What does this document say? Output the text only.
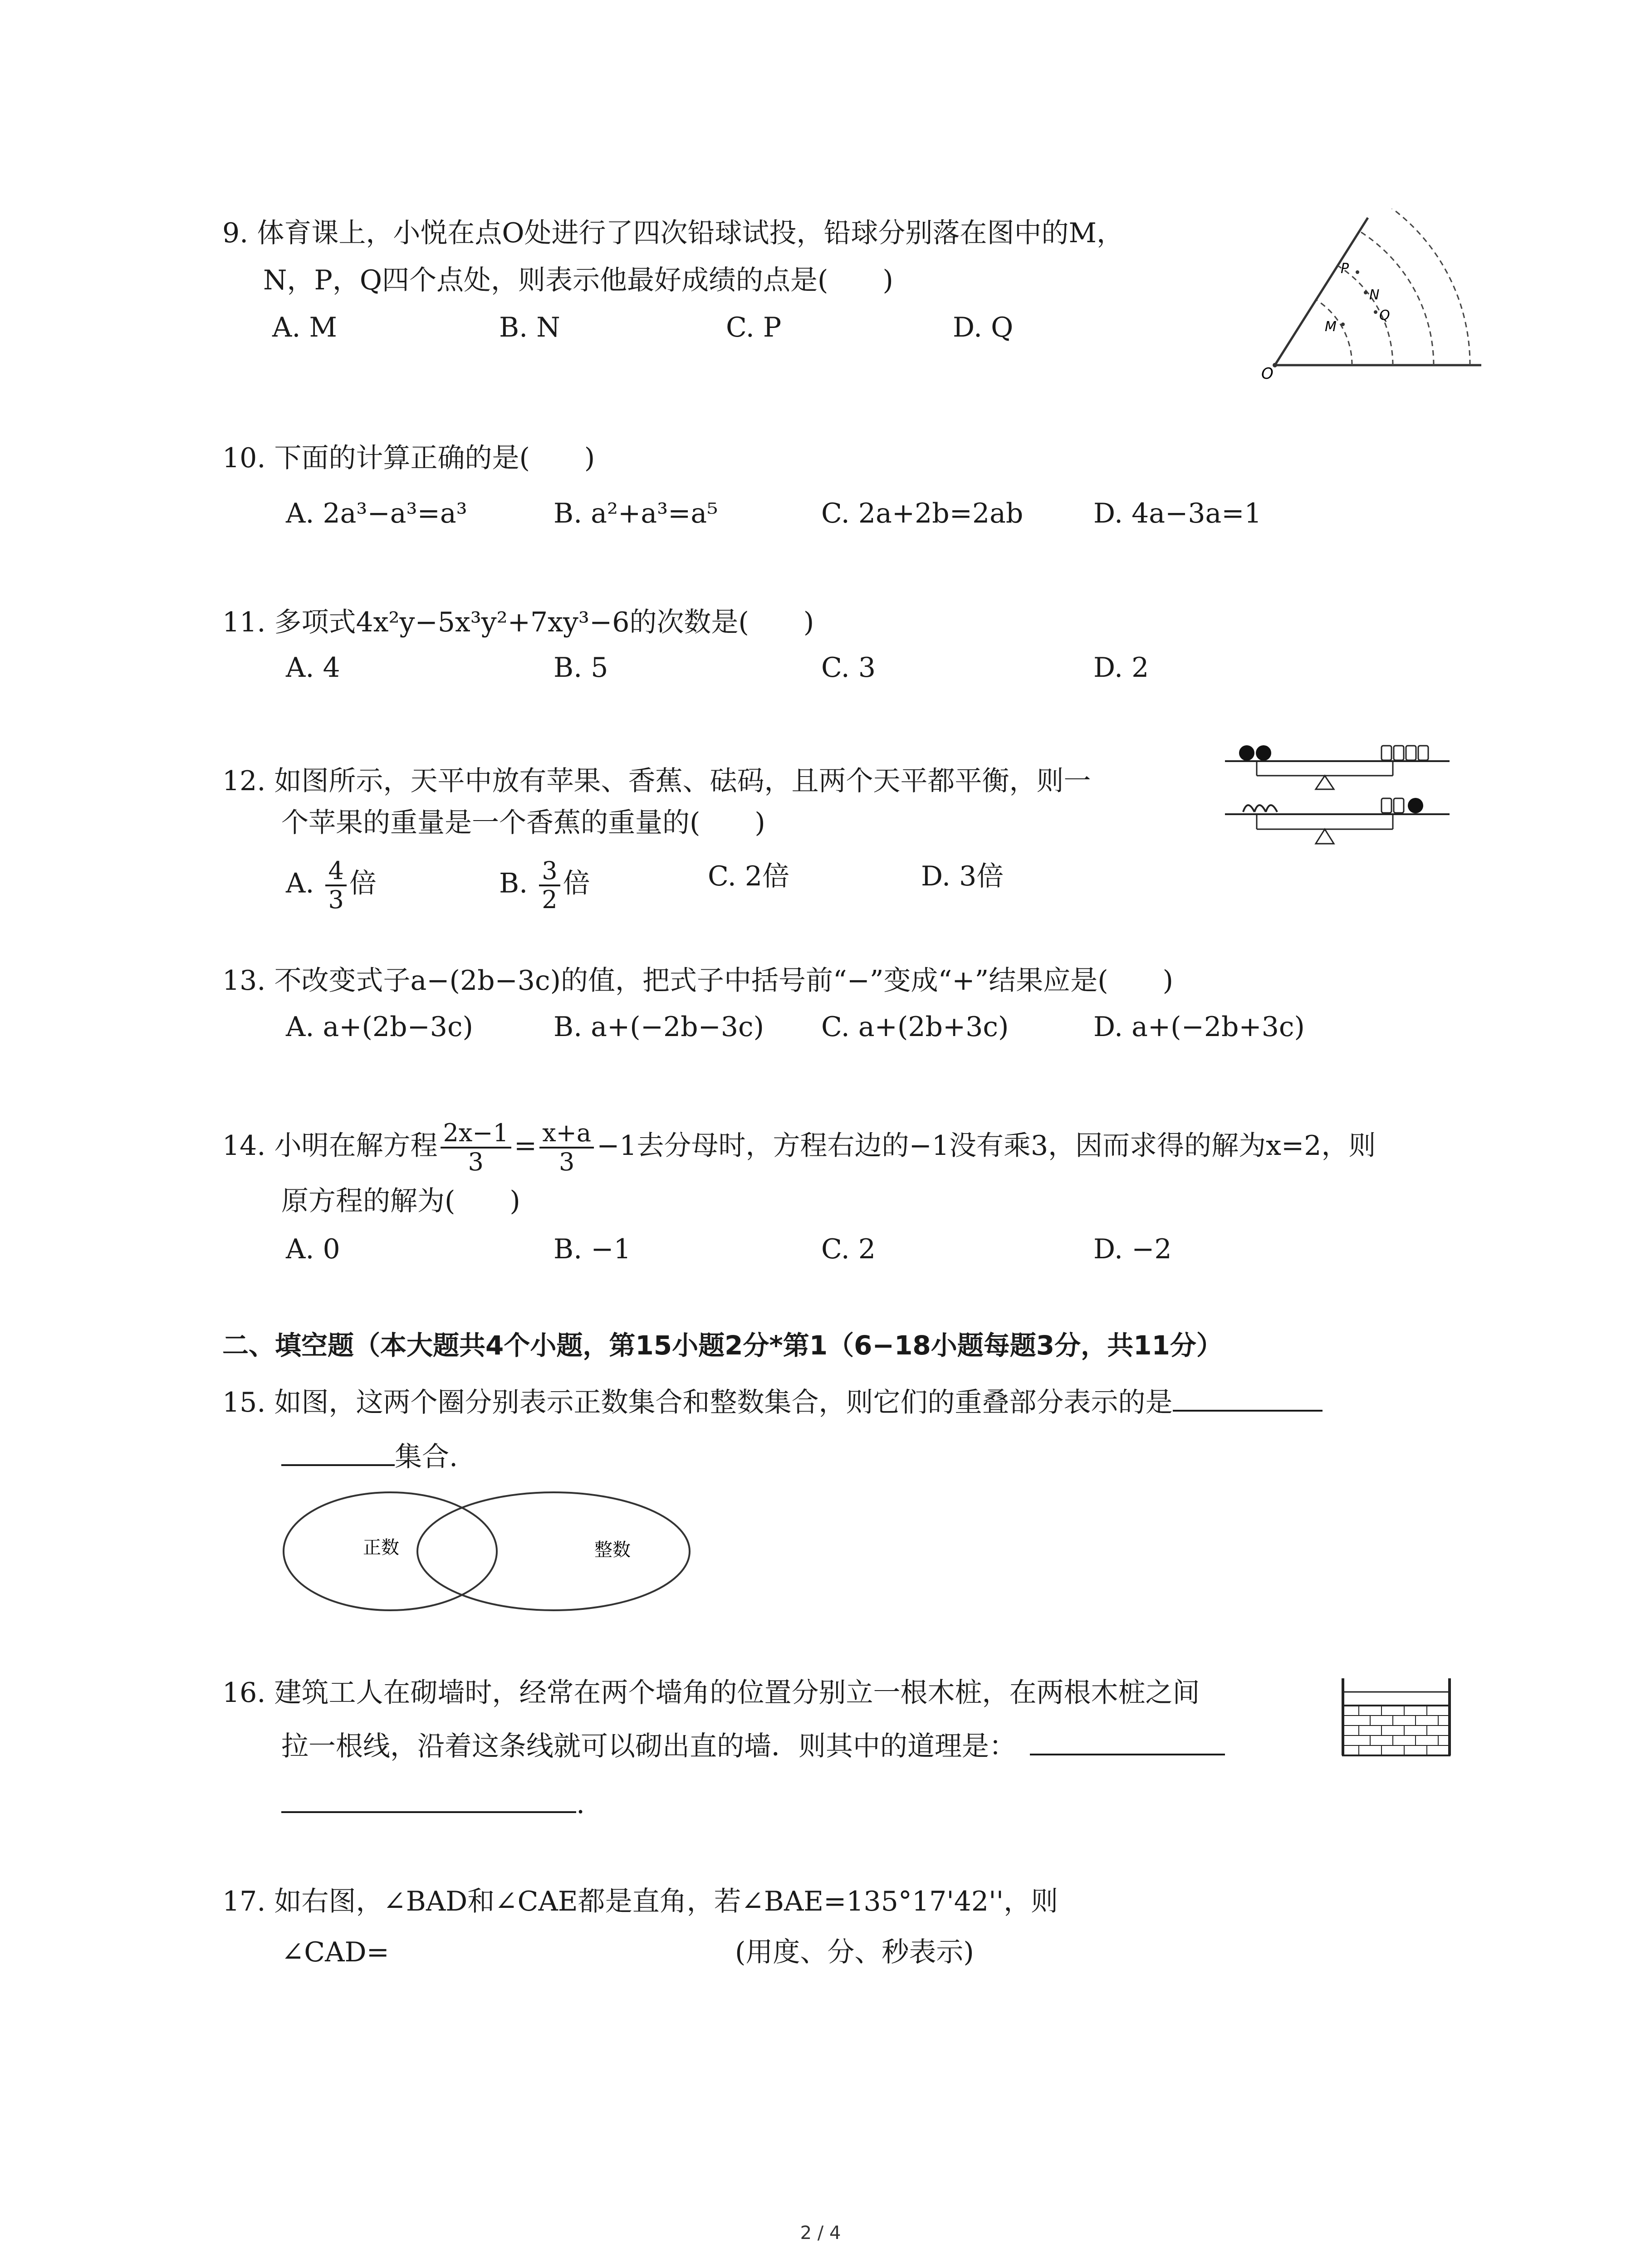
9. 体育课上，小悦在点O处进行了四次铅球试投，铅球分别落在图中的M，
N，P，Q四个点处，则表示他最好成绩的点是(　　)
A. M	B. N	C. P	D. Q
O
M
N
P
Q
10. 下面的计算正确的是(　　)
A. 2a³−a³=a³	B. a²+a³=a⁵	C. 2a+2b=2ab	D. 4a−3a=1
11. 多项式4x²y−5x³y²+7xy³−6的次数是(　　)
A. 4	B. 5	C. 3	D. 2
12. 如图所示，天平中放有苹果、香蕉、砝码，且两个天平都平衡，则一
个苹果的重量是一个香蕉的重量的(　　)
A. $\frac{4}{3}$ 倍	B. $\frac{3}{2}$ 倍	C. 2倍	D. 3倍
13. 不改变式子a−(2b−3c)的值，把式子中括号前“−”变成“+”结果应是(　　)
A. a+(2b−3c)	B. a+(−2b−3c) C. a+(2b+3c)	D. a+(−2b+3c)
14. 小明在解方程 $\frac{2x-1}{3} = \frac{x+a}{3} -1$去分母时，方程右边的−1没有乘3，因而求得的解为x=2，则
原方程的解为(　　)
A. 0	B. −1	C. 2	D. −2
二、填空题（本大题共4个小题，第15小题2分*第1（6−18小题每题3分，共11分）
15. 如图，这两个圈分别表示正数集合和整数集合，则它们的重叠部分表示的是
集合.
正数	整数
16. 建筑工人在砌墙时，经常在两个墙角的位置分别立一根木桩，在两根木桩之间
拉一根线，沿着这条线就可以砌出直的墙．则其中的道理是：
.
17. 如右图，∠BAD和∠CAE都是直角，若∠BAE=135°17'42''，则
∠CAD=	(用度、分、秒表示)
2 / 4
